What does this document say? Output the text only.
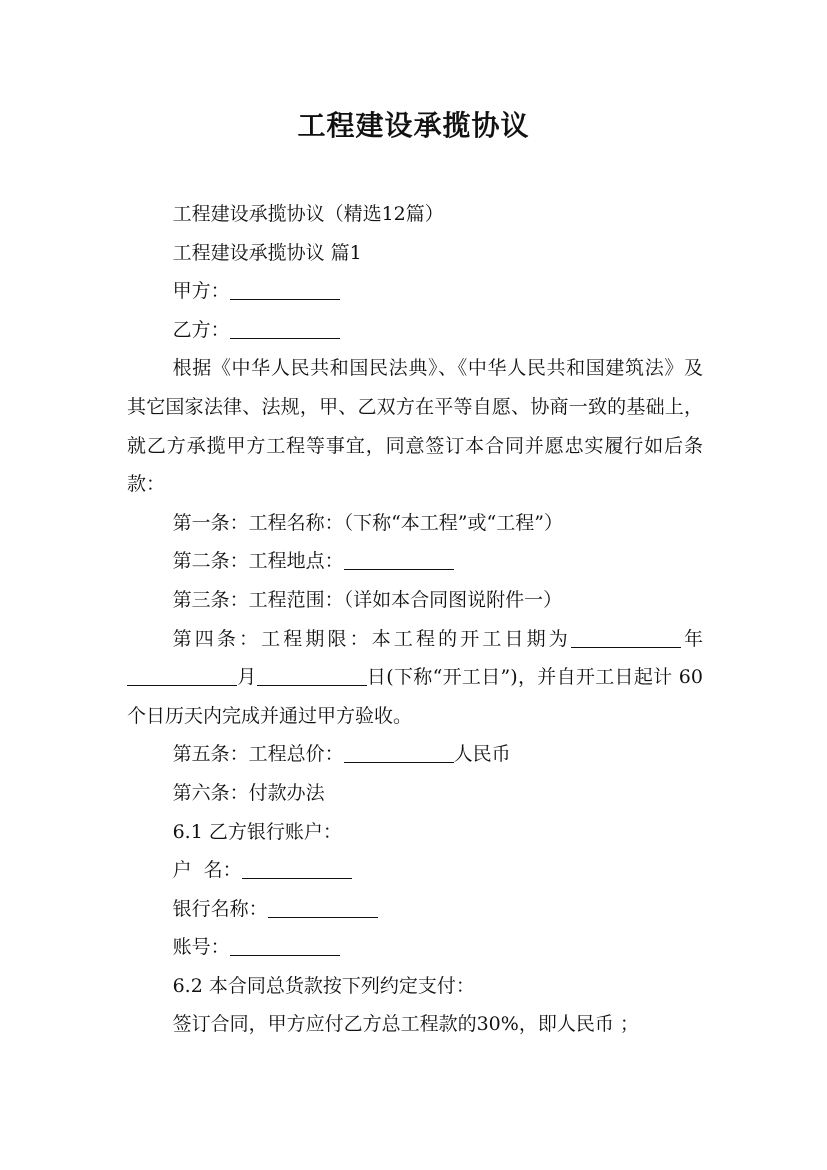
工程建设承揽协议

工程建设承揽协议（精选12篇）

工程建设承揽协议 篇1

甲方：

乙方：

根据《中华人民共和国民法典》、《中华人民共和国建筑法》及其它国家法律、法规，甲、乙双方在平等自愿、协商一致的基础上，就乙方承揽甲方工程等事宜，同意签订本合同并愿忠实履行如后条款：

第一条：工程名称：（下称“本工程”或“工程”）

第二条：工程地点：

第三条：工程范围：（详如本合同图说附件一）

第四条：工程期限：本工程的开工日期为	年月	日(下称“开工日”)，并自开工日起计 60个日历天内完成并通过甲方验收。

第五条：工程总价：	人民币

第六条：付款办法

6.1 乙方银行账户：

户  名：

银行名称：

账号：

6.2 本合同总货款按下列约定支付：

签订合同，甲方应付乙方总工程款的30%，即人民币 ；
